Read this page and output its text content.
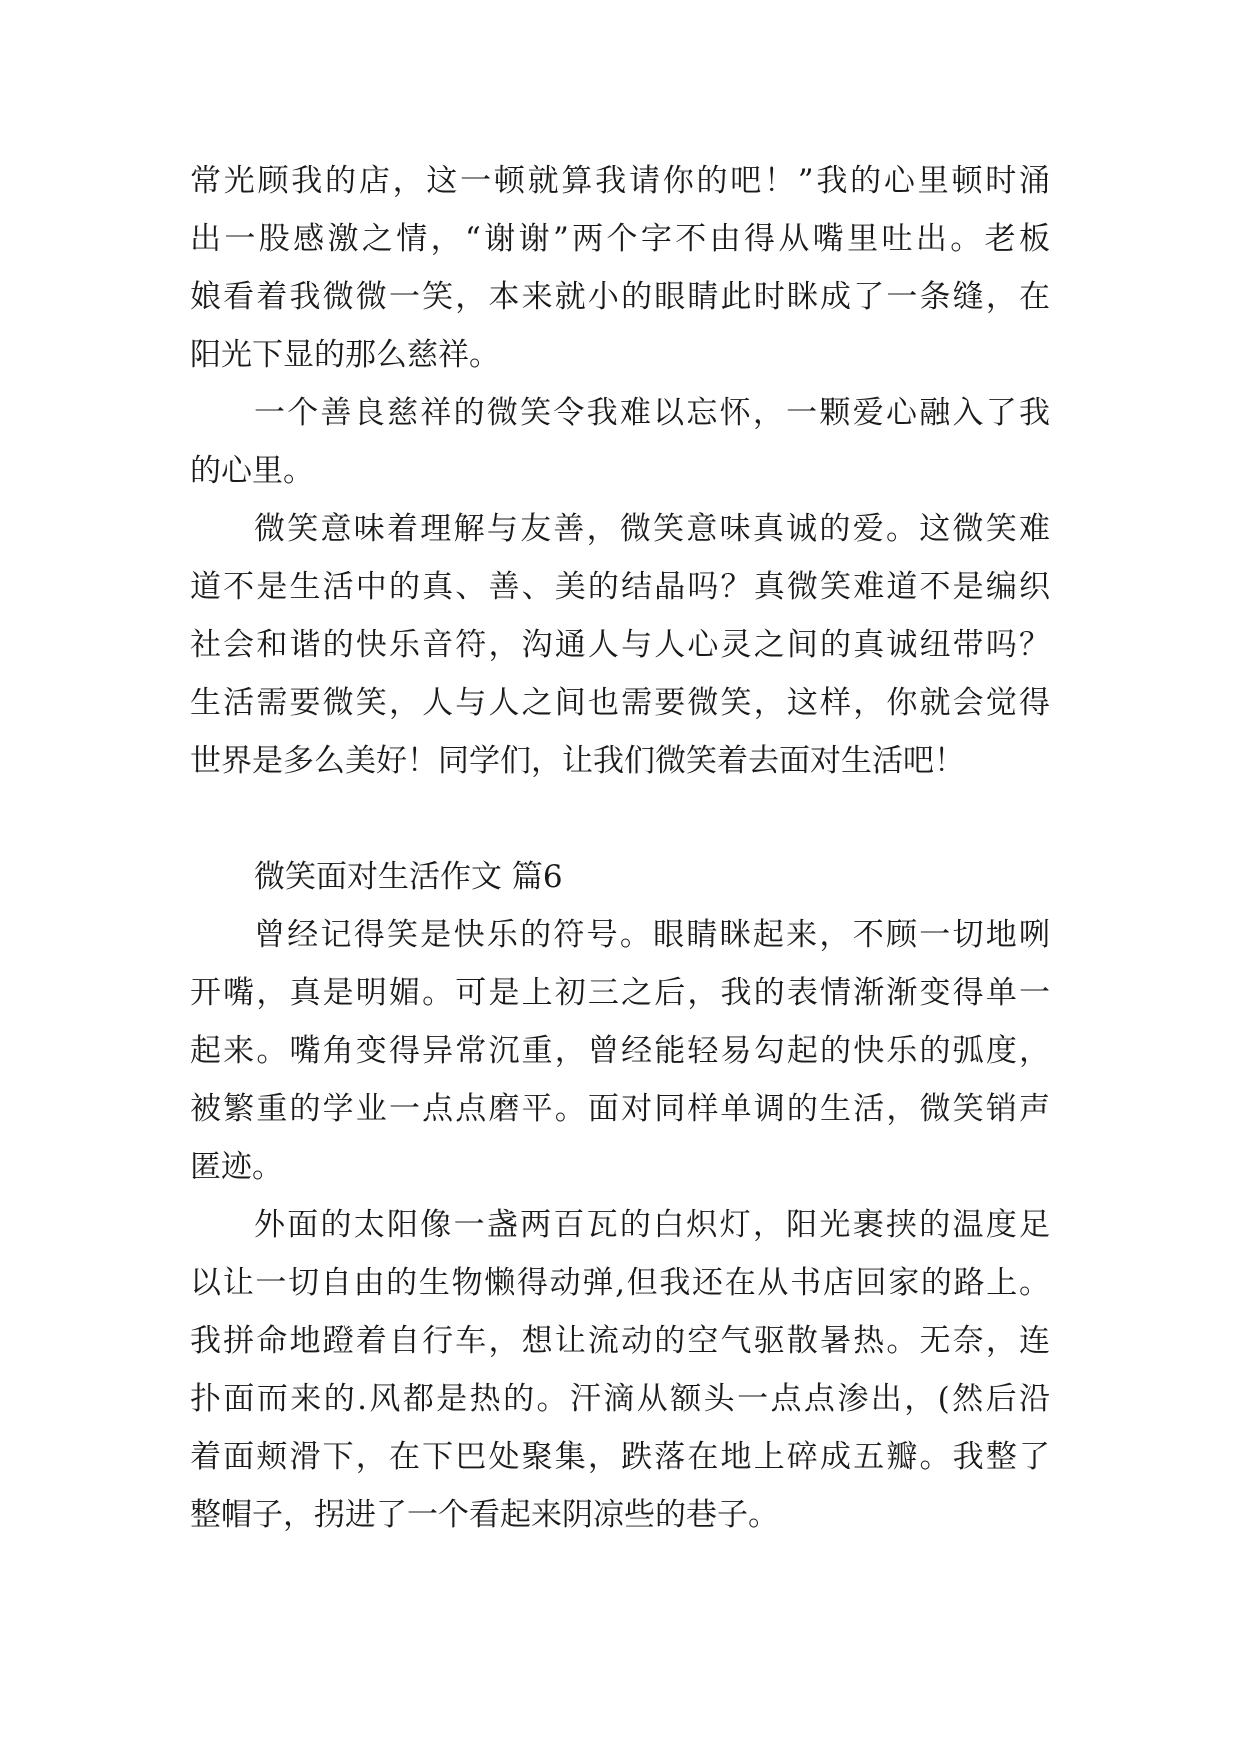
常光顾我的店，这一顿就算我请你的吧！”我的心里顿时涌
出一股感激之情，“谢谢”两个字不由得从嘴里吐出。老板
娘看着我微微一笑，本来就小的眼睛此时眯成了一条缝，在
阳光下显的那么慈祥。
一个善良慈祥的微笑令我难以忘怀，一颗爱心融入了我
的心里。
微笑意味着理解与友善，微笑意味真诚的爱。这微笑难
道不是生活中的真、善、美的结晶吗？真微笑难道不是编织
社会和谐的快乐音符，沟通人与人心灵之间的真诚纽带吗？
生活需要微笑，人与人之间也需要微笑，这样，你就会觉得
世界是多么美好！同学们，让我们微笑着去面对生活吧！
微笑面对生活作文 篇6
曾经记得笑是快乐的符号。眼睛眯起来，不顾一切地咧
开嘴，真是明媚。可是上初三之后，我的表情渐渐变得单一
起来。嘴角变得异常沉重，曾经能轻易勾起的快乐的弧度，
被繁重的学业一点点磨平。面对同样单调的生活，微笑销声
匿迹。
外面的太阳像一盏两百瓦的白炽灯，阳光裹挟的温度足
以让一切自由的生物懒得动弹,但我还在从书店回家的路上。
我拼命地蹬着自行车，想让流动的空气驱散暑热。无奈，连
扑面而来的.风都是热的。汗滴从额头一点点渗出，(然后沿
着面颊滑下，在下巴处聚集，跌落在地上碎成五瓣。我整了
整帽子，拐进了一个看起来阴凉些的巷子。
